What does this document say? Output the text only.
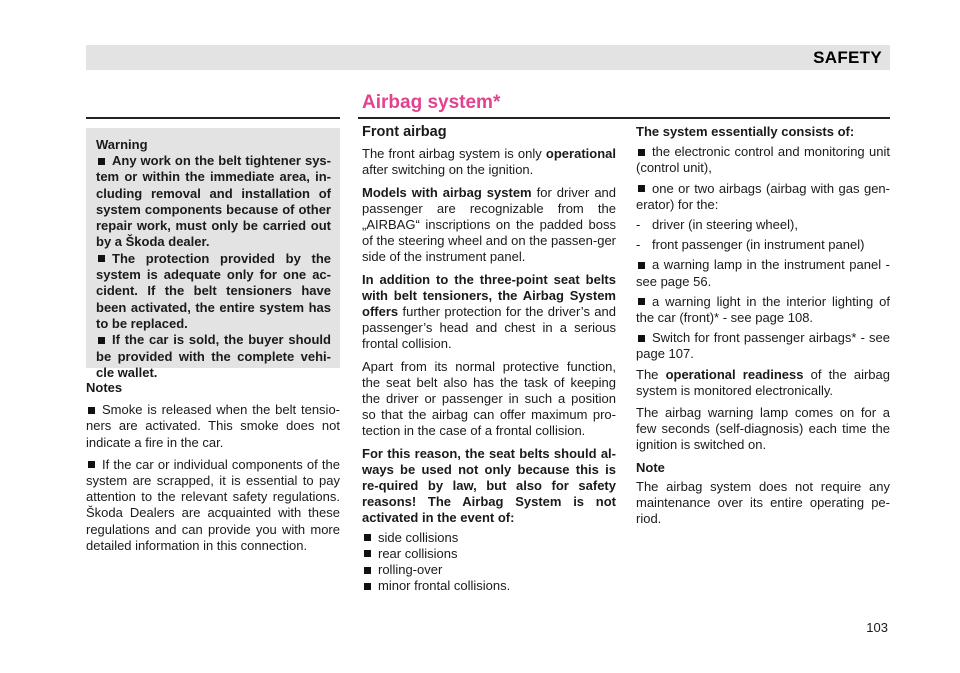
SAFETY
Airbag system*
Warning

Any work on the belt tightener sys-tem or within the immediate area, in-cluding removal and installation of system components because of other repair work, must only be carried out by a Škoda dealer.

The protection provided by the system is adequate only for one ac-cident. If the belt tensioners have been activated, the entire system has to be replaced.

If the car is sold, the buyer should be provided with the complete vehi-cle wallet.

Notes

Smoke is released when the belt tensio-ners are activated. This smoke does not indicate a fire in the car.

If the car or individual components of the system are scrapped, it is essential to pay attention to the relevant safety regulations. Škoda Dealers are acquainted with these regulations and can provide you with more detailed information in this connection.

Front airbag

The front airbag system is only operational after switching on the ignition.

Models with airbag system for driver and passenger are recognizable from the „AIRBAG“ inscriptions on the padded boss of the steering wheel and on the passen-ger side of the instrument panel.

In addition to the three-point seat belts with belt tensioners, the Airbag System offers further protection for the driver’s and passenger’s head and chest in a serious frontal collision.

Apart from its normal protective function, the seat belt also has the task of keeping the driver or passenger in such a position so that the airbag can offer maximum pro-tection in the case of a frontal collision.

For this reason, the seat belts should al-ways be used not only because this is re-quired by law, but also for safety reasons! The Airbag System is not activated in the event of:

side collisions
rear collisions
rolling-over
minor frontal collisions.
The system essentially consists of:

the electronic control and monitoring unit (control unit),

one or two airbags (airbag with gas gen-erator) for the:

- driver (in steering wheel),

- front passenger (in instrument panel)

a warning lamp in the instrument panel - see page 56.

a warning light in the interior lighting of the car (front)* - see page 108.

Switch for front passenger airbags* - see page 107.

The operational readiness of the airbag system is monitored electronically.

The airbag warning lamp comes on for a few seconds (self-diagnosis) each time the ignition is switched on.

Note

The airbag system does not require any maintenance over its entire operating pe-riod.

103
